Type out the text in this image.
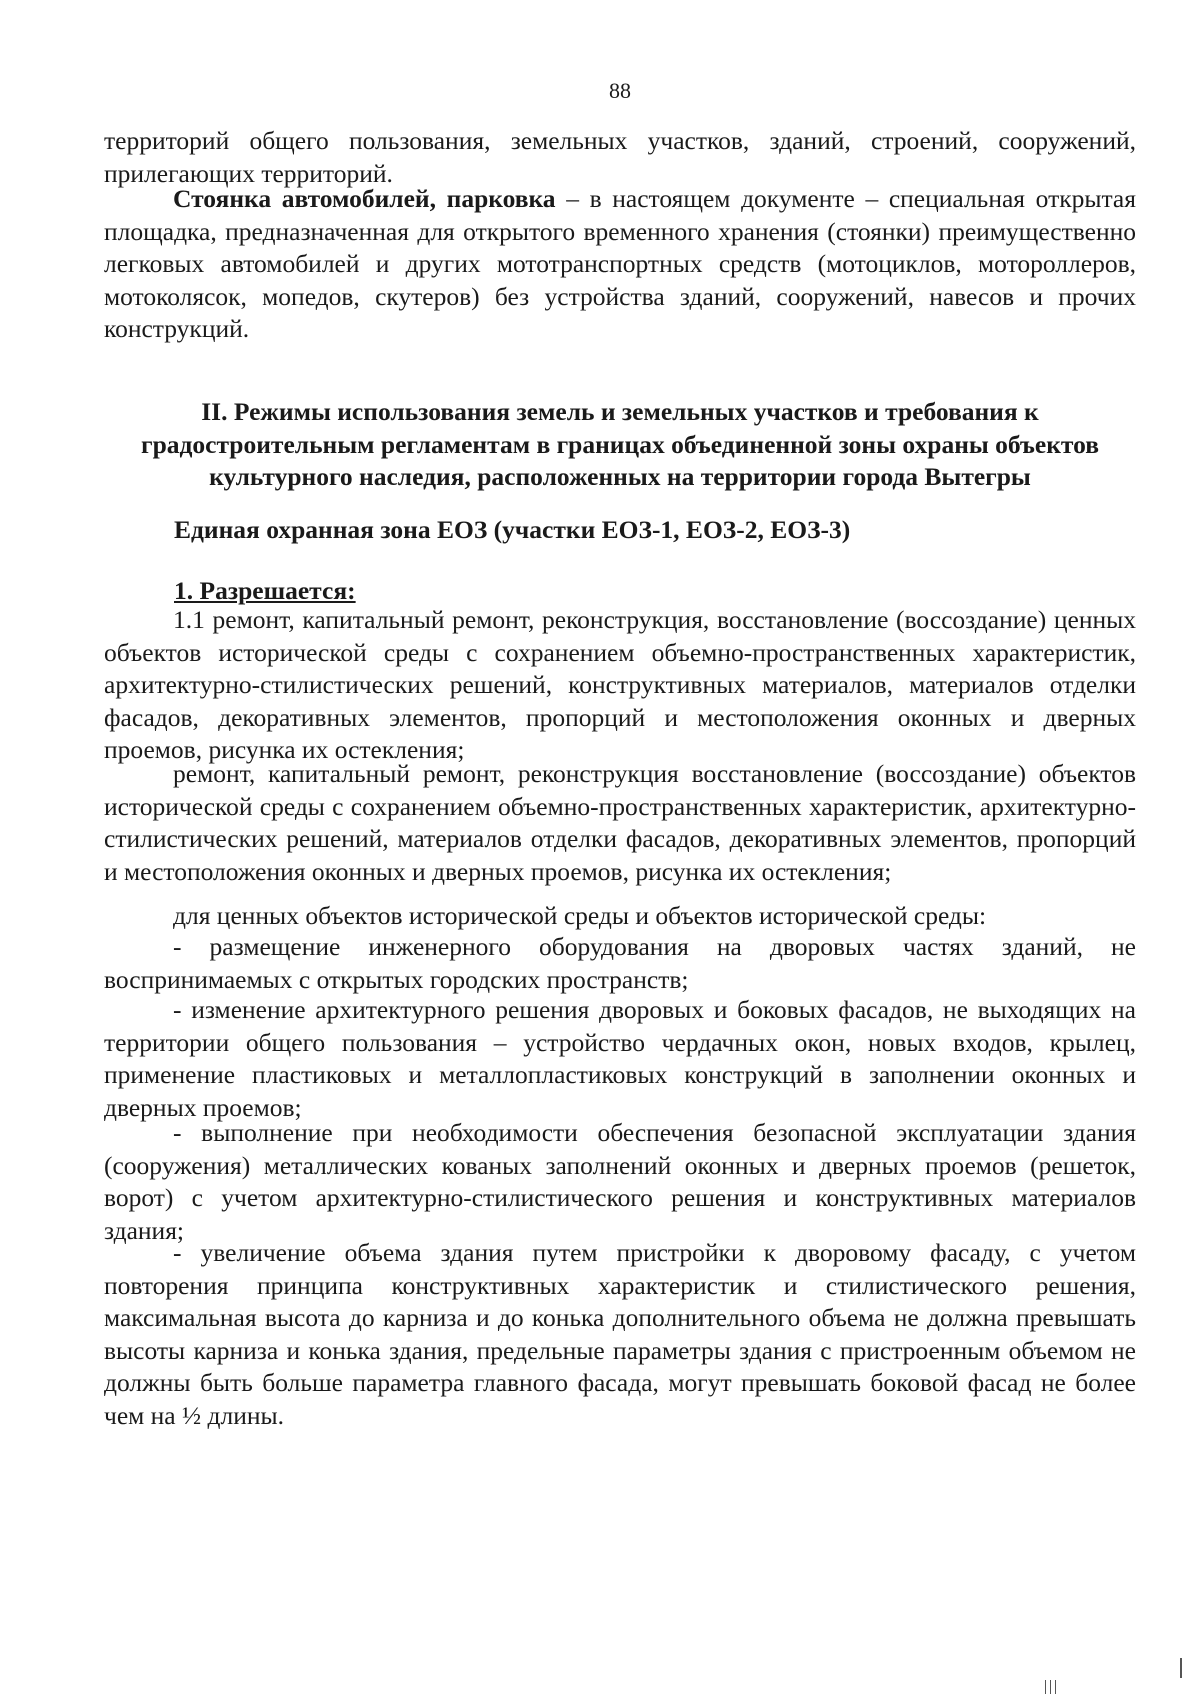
88

территорий общего пользования, земельных участков, зданий, строений, сооружений, прилегающих территорий.

Стоянка автомобилей, парковка – в настоящем документе – специальная открытая площадка, предназначенная для открытого временного хранения (стоянки) преимущественно легковых автомобилей и других мототранспортных средств (мотоциклов, мотороллеров, мотоколясок, мопедов, скутеров) без устройства зданий, сооружений, навесов и прочих конструкций.

II. Режимы использования земель и земельных участков и требования к градостроительным регламентам в границах объединенной зоны охраны объектов культурного наследия, расположенных на территории города Вытегры

Единая охранная зона ЕОЗ (участки ЕОЗ-1, ЕОЗ-2, ЕОЗ-3)

1. Разрешается:

1.1 ремонт, капитальный ремонт, реконструкция, восстановление (воссоздание) ценных объектов исторической среды с сохранением объемно-пространственных характеристик, архитектурно-стилистических решений, конструктивных материалов, материалов отделки фасадов, декоративных элементов, пропорций и местоположения оконных и дверных проемов, рисунка их остекления;

ремонт, капитальный ремонт, реконструкция восстановление (воссоздание) объектов исторической среды с сохранением объемно-пространственных характеристик, архитектурно-стилистических решений, материалов отделки фасадов, декоративных элементов, пропорций и местоположения оконных и дверных проемов, рисунка их остекления;

для ценных объектов исторической среды и объектов исторической среды:

- размещение инженерного оборудования на дворовых частях зданий, не воспринимаемых с открытых городских пространств;

- изменение архитектурного решения дворовых и боковых фасадов, не выходящих на территории общего пользования – устройство чердачных окон, новых входов, крылец, применение пластиковых и металлопластиковых конструкций в заполнении оконных и дверных проемов;

- выполнение при необходимости обеспечения безопасной эксплуатации здания (сооружения) металлических кованых заполнений оконных и дверных проемов (решеток, ворот) с учетом архитектурно-стилистического решения и конструктивных материалов здания;

- увеличение объема здания путем пристройки к дворовому фасаду, с учетом повторения принципа конструктивных характеристик и стилистического решения, максимальная высота до карниза и до конька дополнительного объема не должна превышать высоты карниза и конька здания, предельные параметры здания с пристроенным объемом не должны быть больше параметра главного фасада, могут превышать боковой фасад не более чем на ½ длины.
